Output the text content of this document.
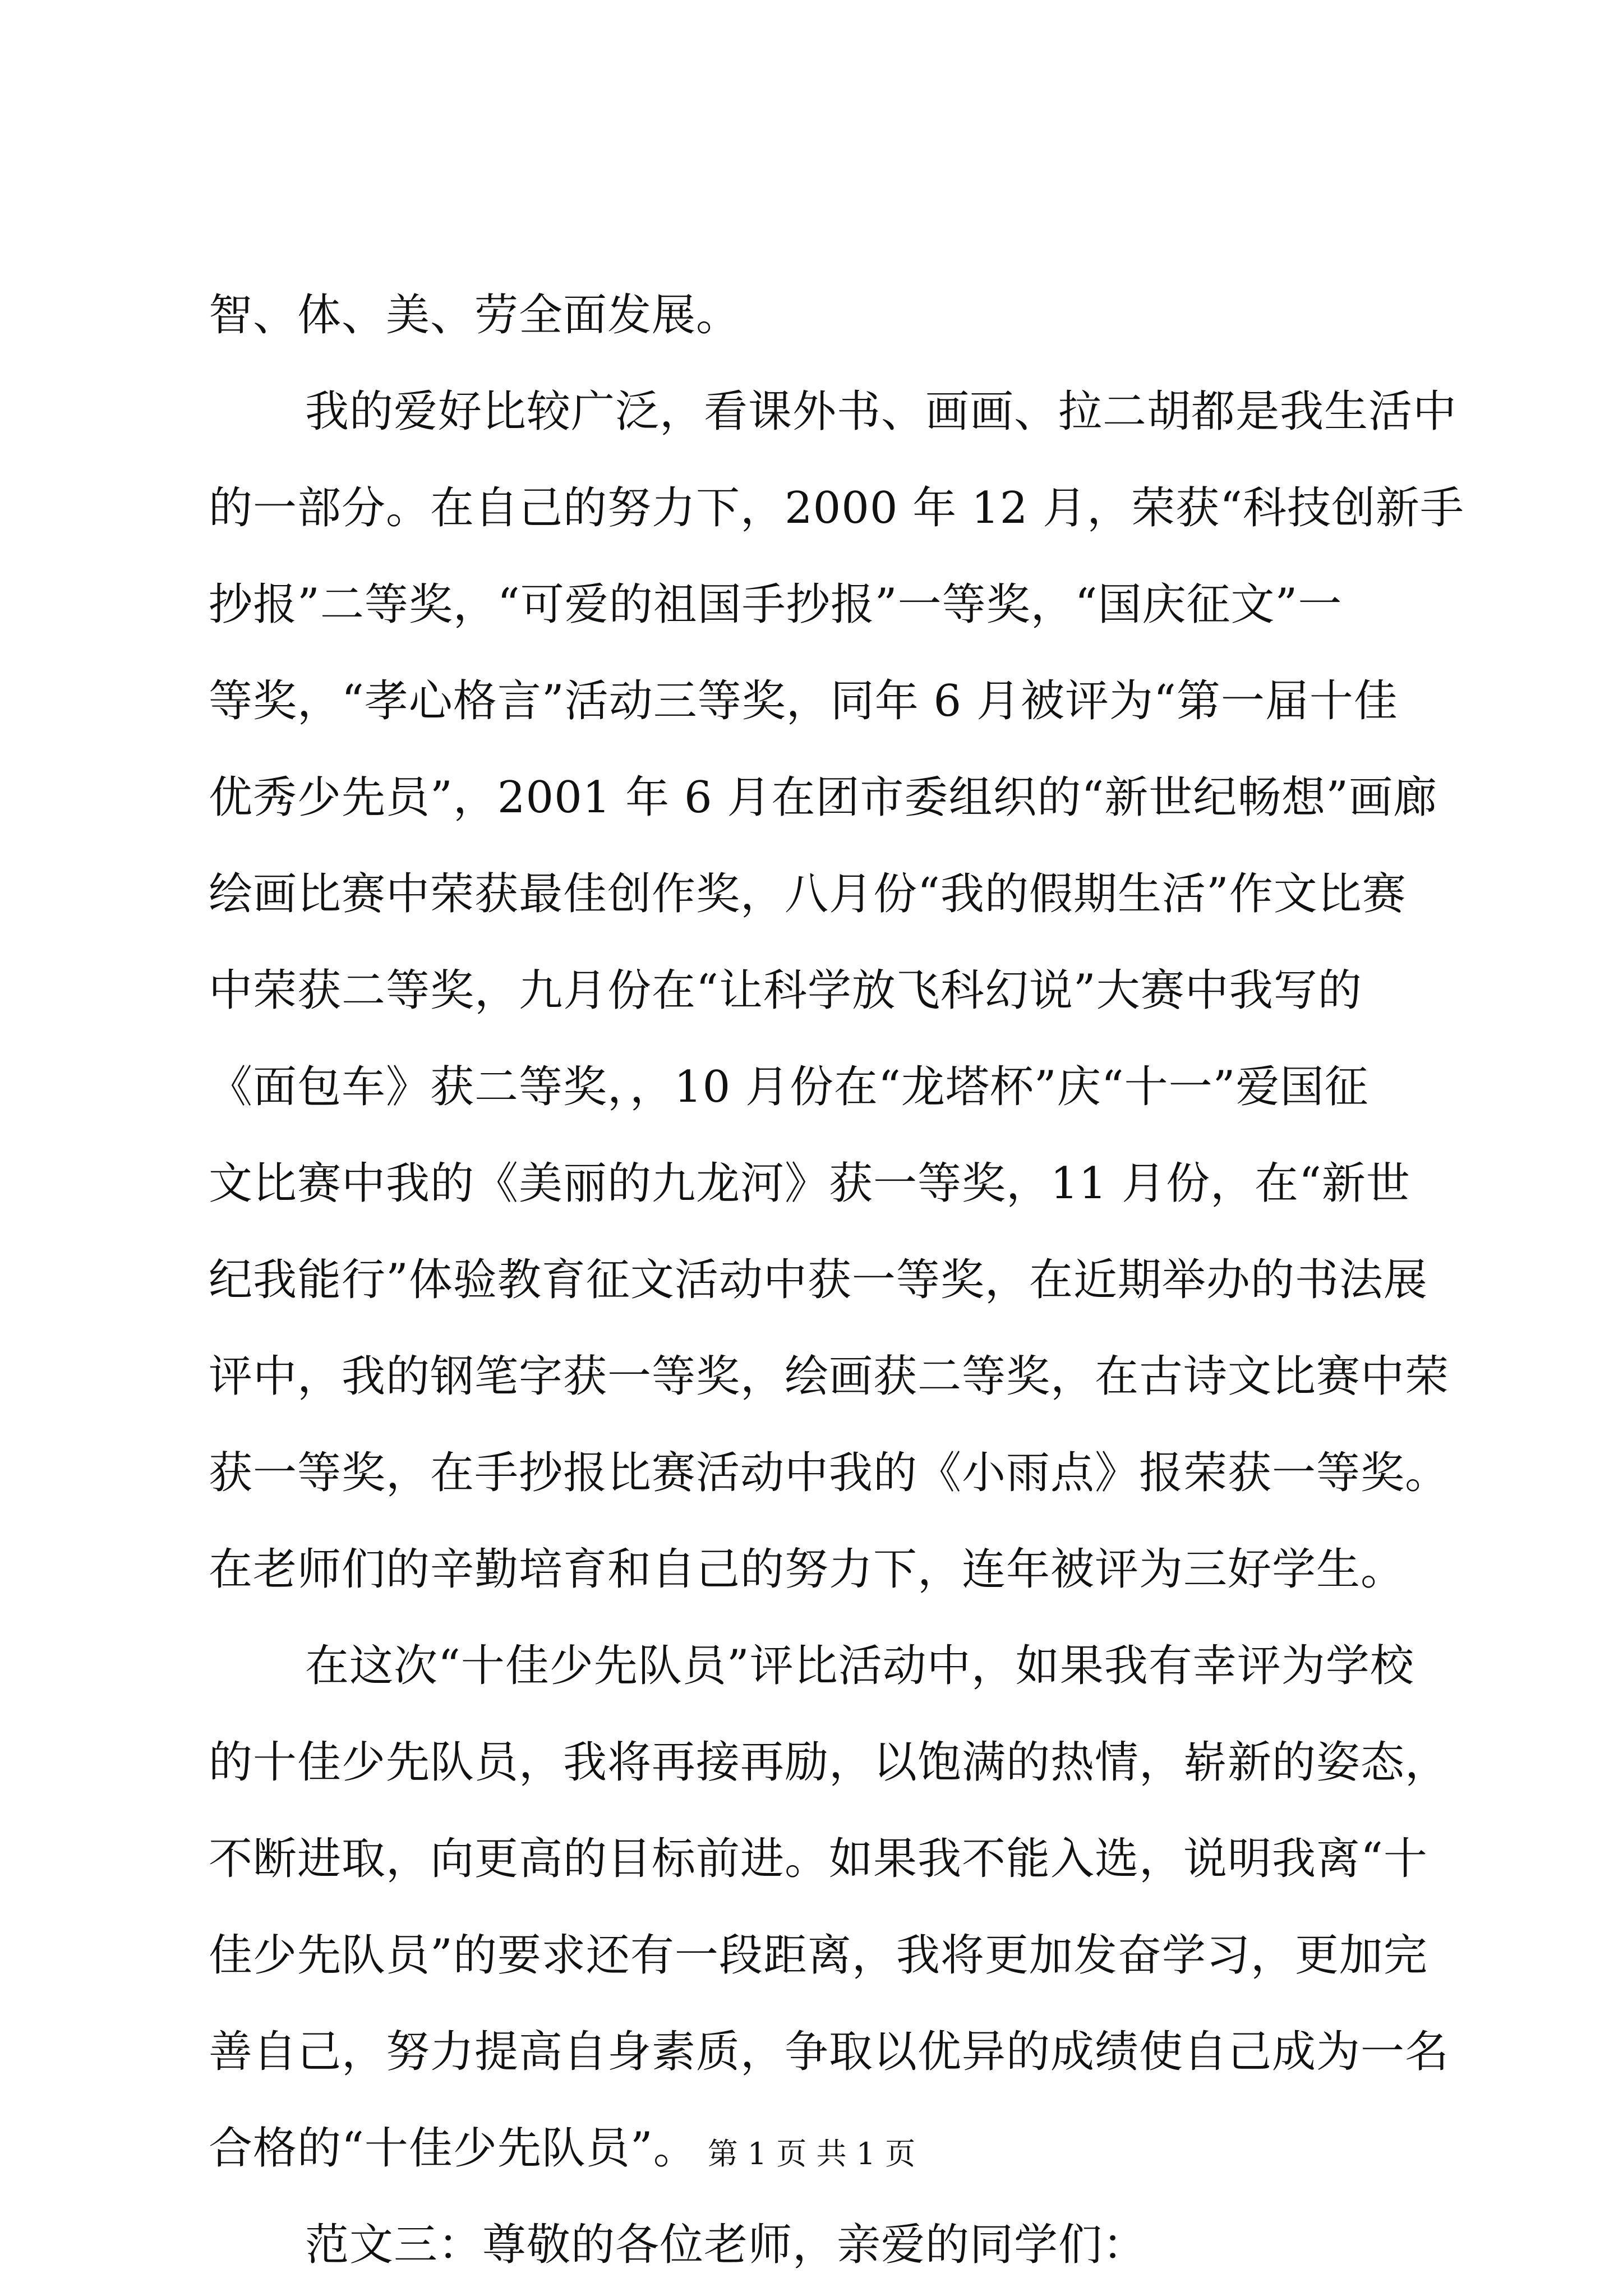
智、体、美、劳全面发展。
我的爱好比较广泛，看课外书、画画、拉二胡都是我生活中
的一部分。在自己的努力下，2000 年 12 月，荣获“科技创新手
抄报”二等奖，“可爱的祖国手抄报”一等奖，“国庆征文”一
等奖，“孝心格言”活动三等奖，同年 6 月被评为“第一届十佳
优秀少先员”，2001 年 6 月在团市委组织的“新世纪畅想”画廊
绘画比赛中荣获最佳创作奖，八月份“我的假期生活”作文比赛
中荣获二等奖，九月份在“让科学放飞科幻说”大赛中我写的
《面包车》获二等奖，，10 月份在“龙塔杯”庆“十一”爱国征
文比赛中我的《美丽的九龙河》获一等奖，11 月份，在“新世
纪我能行”体验教育征文活动中获一等奖，在近期举办的书法展
评中，我的钢笔字获一等奖，绘画获二等奖，在古诗文比赛中荣
获一等奖，在手抄报比赛活动中我的《小雨点》报荣获一等奖。
在老师们的辛勤培育和自己的努力下，连年被评为三好学生。
在这次“十佳少先队员”评比活动中，如果我有幸评为学校
的十佳少先队员，我将再接再励，以饱满的热情，崭新的姿态，
不断进取，向更高的目标前进。如果我不能入选，说明我离“十
佳少先队员”的要求还有一段距离，我将更加发奋学习，更加完
善自己，努力提高自身素质，争取以优异的成绩使自己成为一名
合格的“十佳少先队员”。
范文三：尊敬的各位老师，亲爱的同学们：
第 1 页 共 1 页
